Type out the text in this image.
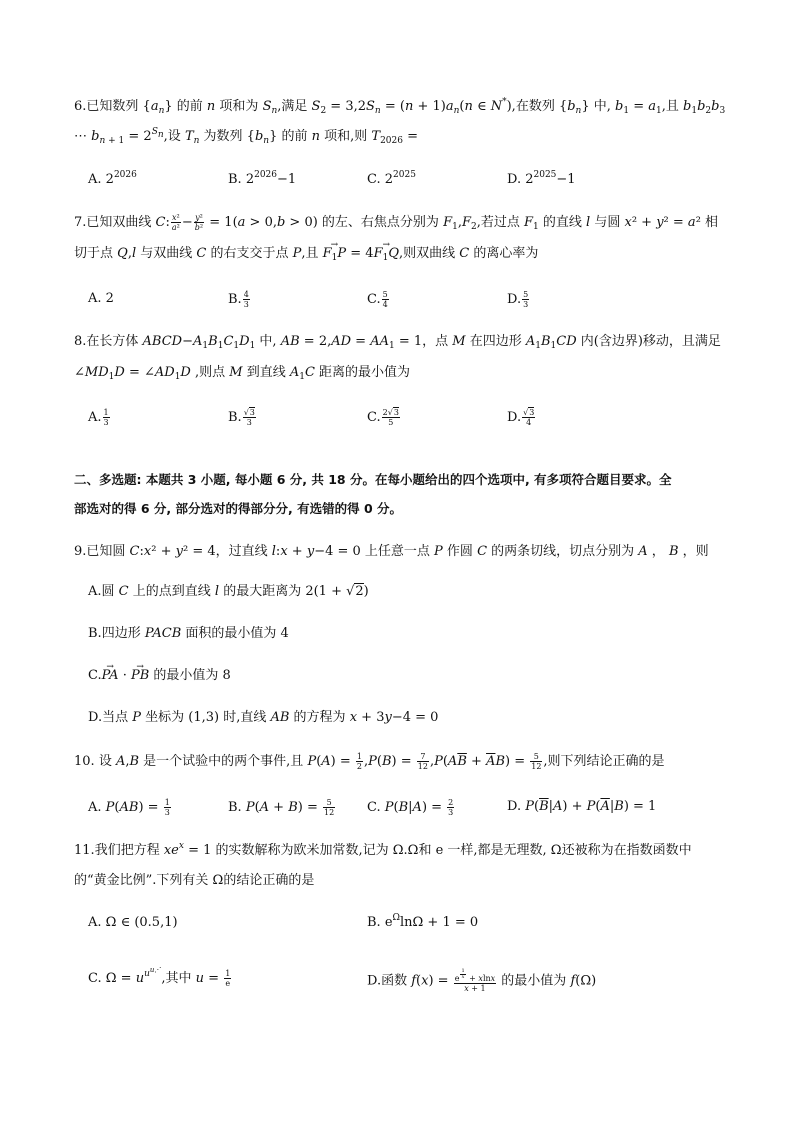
6.已知数列 $\{a_n\}$ 的前 n 项和为 $S_n$,满足 $S_2 = 3,2S_n = (n + 1)a_n(n$ ∈ N*),在数列 $\{b_n\}$ 中, $b_1 = a_1$,且 $b_1b_2b_3$
⋯ $b_{n + 1} = 2^{S_n}$,设 $T_n$ 为数列 $\{b_n\}$ 的前 n 项和,则 $T_{2026}$ =
A. $2^{2026}$	B. $2^{2026}-1$	C. $2^{2025}$	D. $2^{2025}-1$
7.已知双曲线 C: $\frac{\text{x²}}{\text{a²}} - \frac{\text{y²}}{\text{b²}} = 1(a > 0,b > 0)$ 的左、右焦点分别为 $F_1,F_2$,若过点 $F_1$ 的直线 l 与圆 x² + y² = a² 相
切于点 Q,l 与双曲线 C 的右支交于点 P,且 → $F_1P = 4\to F_1Q$,则双曲线 C 的离心率为
A. 2	B. $\frac{4}{3}$	C. $\frac{5}{4}$	D. $\frac{5}{3}$
8.在长方体 $ABCD-A_1B_1C_1D_1$ 中, AB = $2,AD = AA_1 = 1$，点 M 在四边形 $A_1B_1CD$ 内(含边界)移动，且满足
$\angle MD_1D$ = $\angle AD_1D$ ,则点 M 到直线 $A_1C$ 距离的最小值为
A. $\frac{1}{3}$	B. $\frac{√3}{3}$	C. $\frac{2√3}{5}$	D. $\frac{√3}{4}$
二、多选题: 本题共 3 小题, 每小题 6 分, 共 18 分。在每小题给出的四个选项中, 有多项符合题目要求。全
部选对的得 6 分, 部分选对的得部分分, 有选错的得 0 分。
9.已知圆 C:x² + y² = 4，过直线 l:x + y−4 = 0 上任意一点 P 作圆 C 的两条切线，切点分别为 A ， B ，则
A.圆 C 上的点到直线 l 的最大距离为 2(1 + √2)
B.四边形 PACB 面积的最小值为 4
C.→ PA · → PB 的最小值为 8
D.当点 P 坐标为 (1,3) 时,直线 AB 的方程为 x + 3y−4 = 0
10. 设 A,B 是一个试验中的两个事件,且 $P(A) = \frac{1}{2} ,P(B) = \frac{7}{12} ,P(A\overline{B} + \overline{A}B) = \frac{5}{12}$ ,则下列结论正确的是
A. $P(AB) = \frac{1}{3}$	B. $P(A + B) = \frac{5}{12} C$. $P(B|A) = \frac{2}{3}$	D. $P(\overline{B}|A) + P(\overline{A}|B) = 1$
11.我们把方程 $xe^x = 1$ 的实数解称为欧米加常数,记为 Ω.Ω和 e 一样,都是无理数, Ω还被称为在指数函数中
的“黄金比例”.下列有关 Ω的结论正确的是
A. Ω ∈ (0.5,1)	B. $e^\Omega\ln\Omega + 1 = 0$
C. $\Omega = u^{u^{u⋰}}$,其中 $u = \frac{1}{e}$	D.函数 f(x) = e $^{\frac{1}{x}}$ + xlnx
x + 1 的最小值为 f(Ω)
